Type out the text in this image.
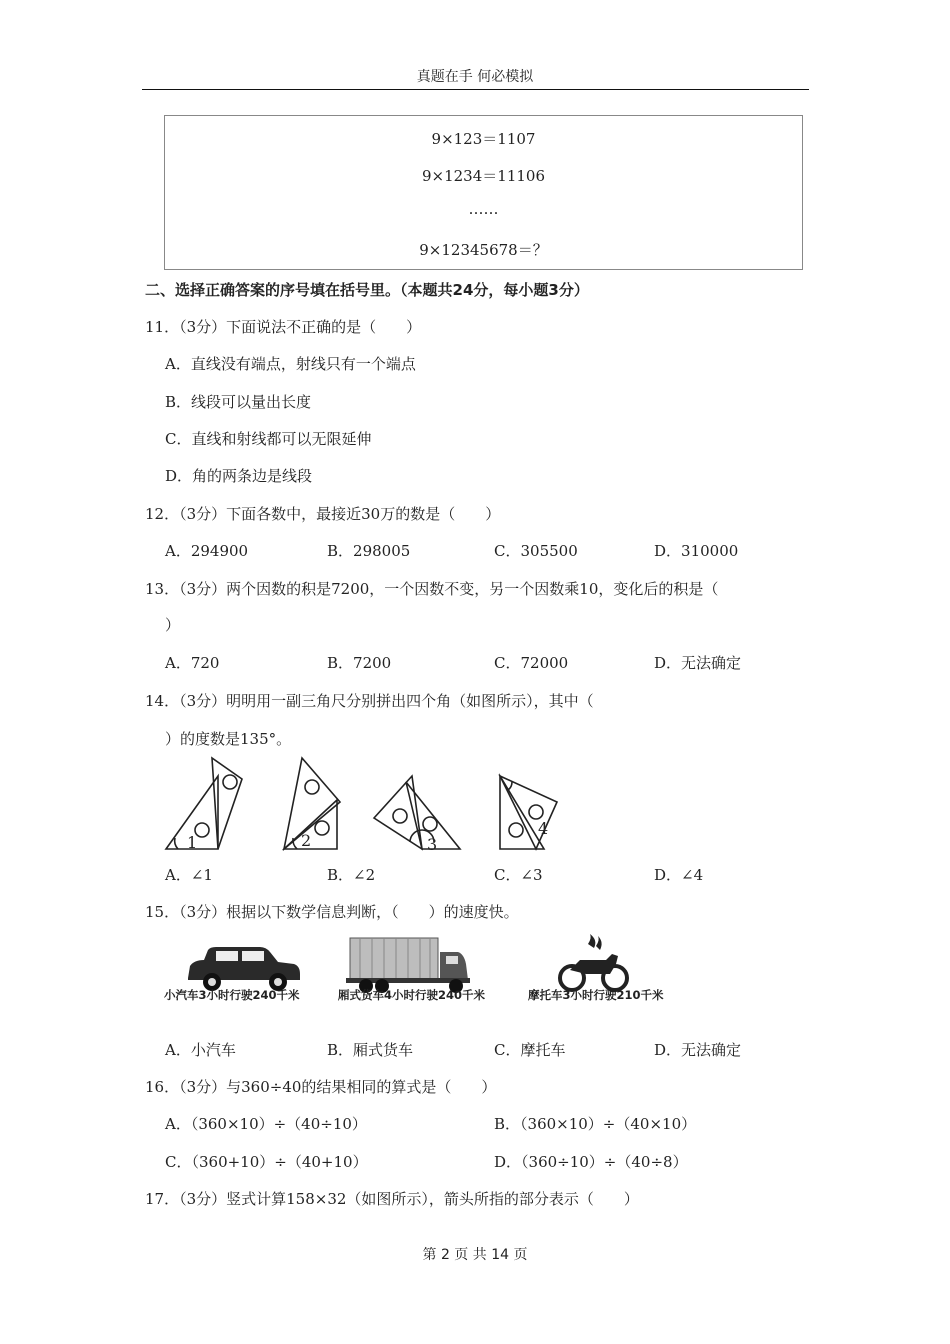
真题在手 何必模拟
9×123＝1107
9×1234＝11106
……
9×12345678＝？
二、选择正确答案的序号填在括号里。（本题共24分，每小题3分）
11．（3分）下面说法不正确的是（　　）
A．直线没有端点，射线只有一个端点
B．线段可以量出长度
C．直线和射线都可以无限延伸
D．角的两条边是线段
12．（3分）下面各数中，最接近30万的数是（　　）
A．294900	B．298005	C．305500	D．310000
13．（3分）两个因数的积是7200，一个因数不变，另一个因数乘10，变化后的积是（
）
A．720	B．7200	C．72000	D．无法确定
14．（3分）明明用一副三角尺分别拼出四个角（如图所示），其中（
）的度数是135°。
1	2	3
4
A．∠1	B．∠2	C．∠3	D．∠4
15．（3分）根据以下数学信息判断，（　　）的速度快。
小汽车3小时行驶240千米	厢式货车4小时行驶240千米	摩托车3小时行驶210千米
A．小汽车	B．厢式货车	C．摩托车	D．无法确定
16．（3分）与360÷40的结果相同的算式是（　　）
A．（360×10）÷（40÷10）	B．（360×10）÷（40×10）
C．（360+10）÷（40+10）	D．（360÷10）÷（40÷8）
17．（3分）竖式计算158×32（如图所示），箭头所指的部分表示（　　）
第 2 页 共 14 页
